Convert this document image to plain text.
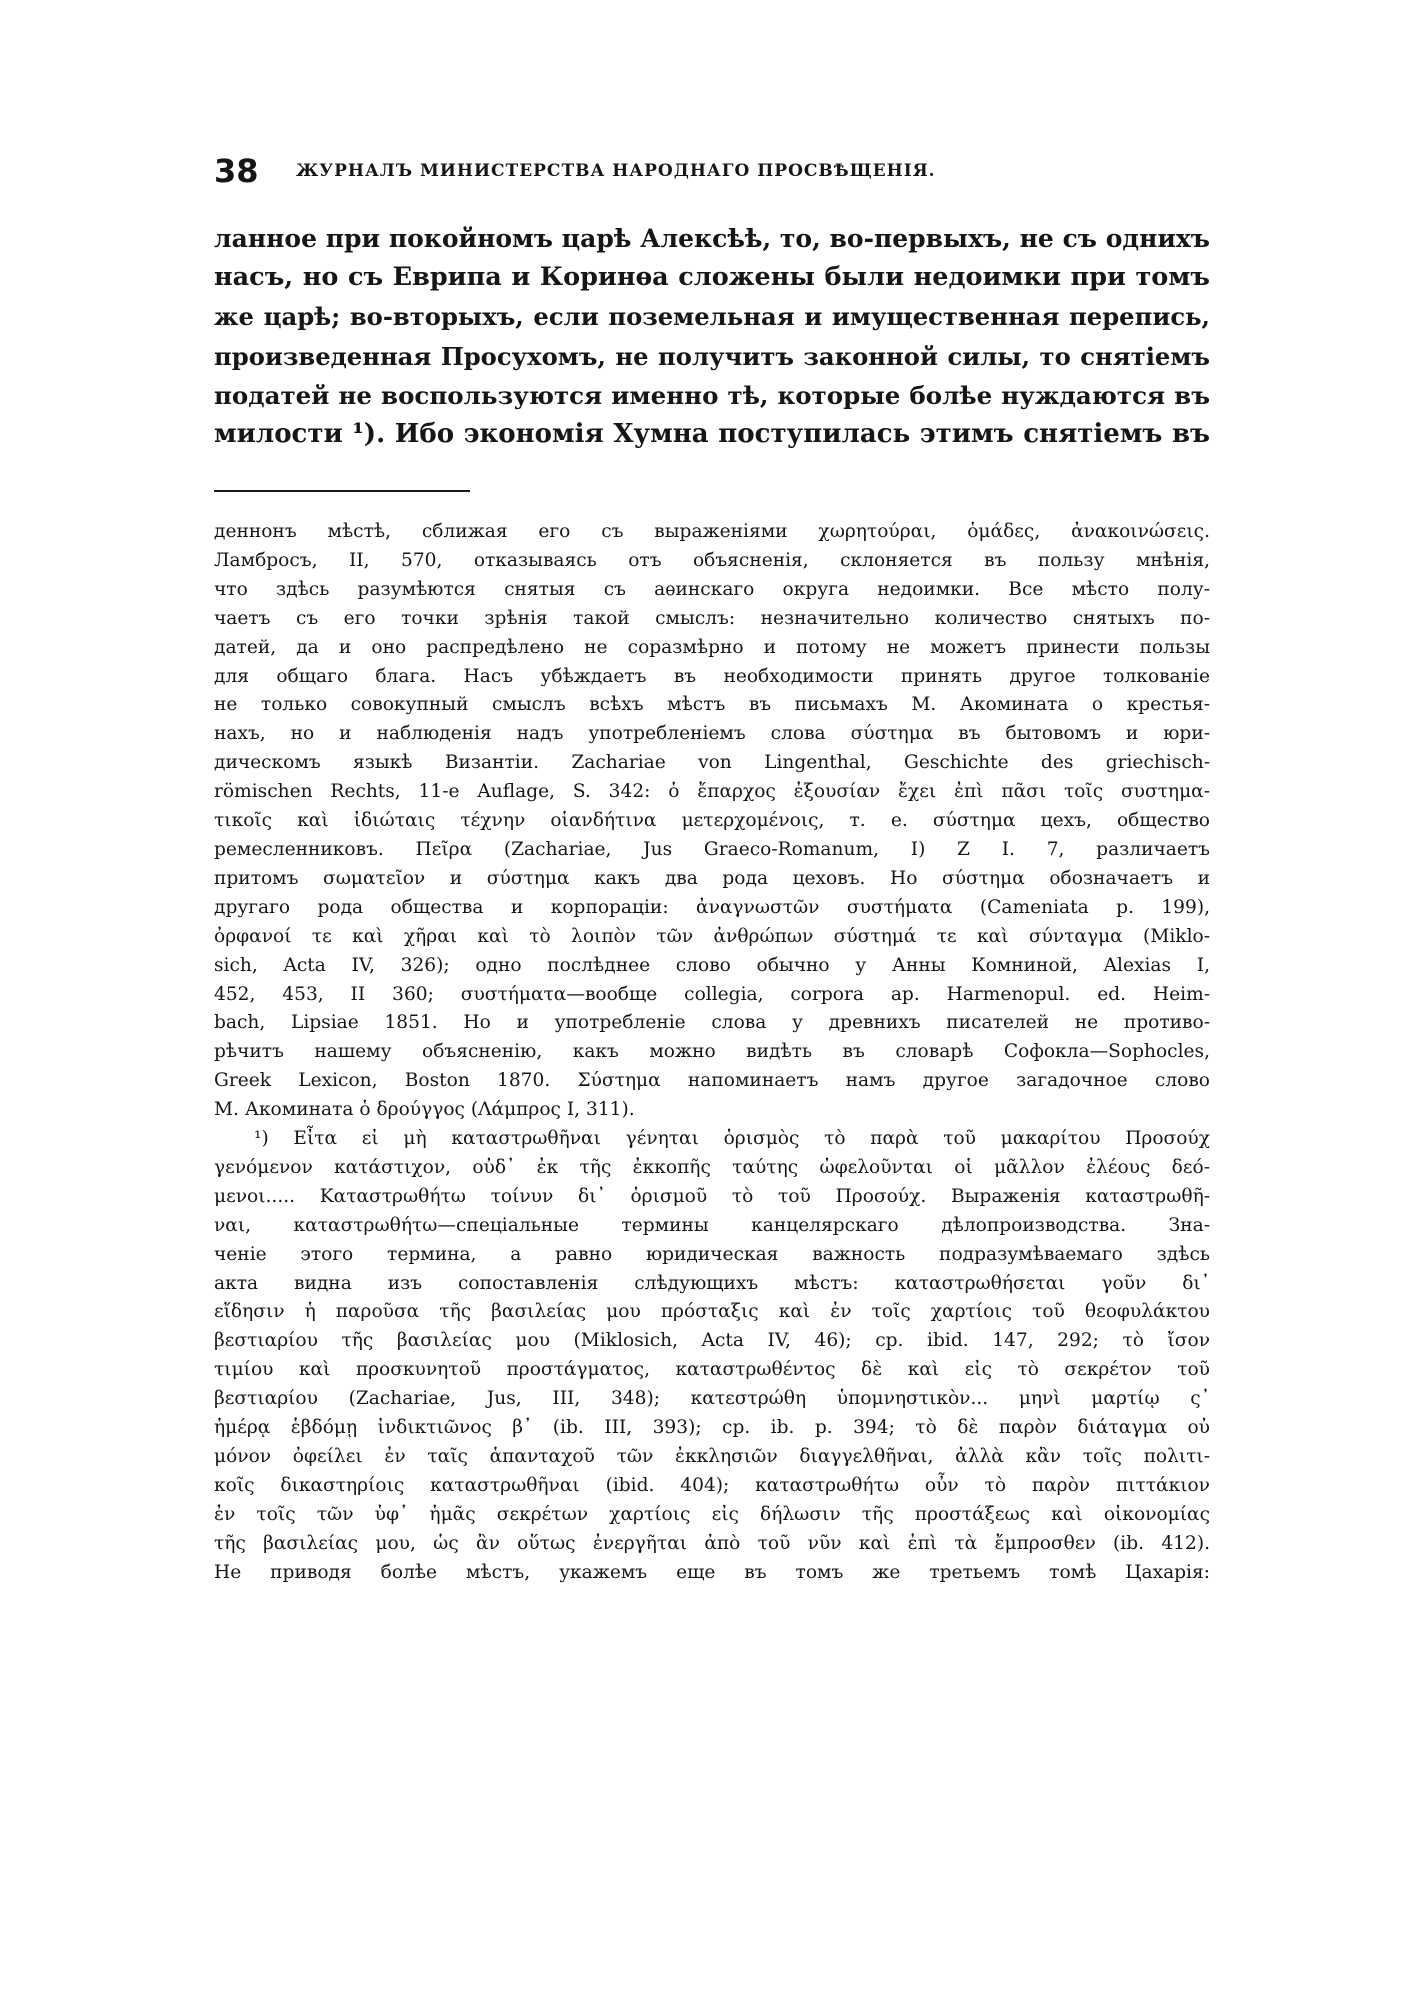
38 ЖУРНАЛЪ МИНИСТЕРСТВА НАРОДНАГО ПРОСВѢЩЕНІЯ.
ланное при покойномъ царѣ Алексѣѣ, то, во-первыхъ, не съ однихъ
насъ, но съ Еврипа и Коринѳа сложены были недоимки при томъ
же царѣ; во-вторыхъ, если поземельная и имущественная перепись,
произведенная Просухомъ, не получитъ законной силы, то снятіемъ
податей не воспользуются именно тѣ, которые болѣе нуждаются въ
милости ¹). Ибо экономія Хумна поступилась этимъ снятіемъ въ
деннонъ мѣстѣ, сближая его съ выраженіями χωρητούραι, ὁμάδες, ἀνακοινώσεις.
Ламбросъ, II, 570, отказываясь отъ объясненія, склоняется въ пользу мнѣнія,
что здѣсь разумѣются снятыя съ аѳинскаго округа недоимки. Все мѣсто полу-
чаетъ съ его точки зрѣнія такой смыслъ: незначительно количество снятыхъ по-
датей, да и оно распредѣлено не соразмѣрно и потому не можетъ принести пользы
для общаго блага. Насъ убѣждаетъ въ необходимости принять другое толкованіе
не только совокупный смыслъ всѣхъ мѣстъ въ письмахъ М. Акомината о крестья-
нахъ, но и наблюденія надъ употребленіемъ слова σύστημα въ бытовомъ и юри-
дическомъ языкѣ Византіи. Zachariae von Lingenthal, Geschichte des griechisch-
römischen Rechts, 11-e Auflage, S. 342: ὁ ἔπαρχος ἐξουσίαν ἔχει ἐπὶ πᾶσι τοῖς συστημα-
τικοῖς καὶ ἰδιώταις τέχνην οἱανδήτινα μετερχομένοις, т. е. σύστημα цехъ, общество
ремесленниковъ. Πεῖρα (Zachariae, Jus Graeco-Romanum, I) Ζ Ι. 7, различаетъ
притомъ σωματεῖον и σύστημα какъ два рода цеховъ. Но σύστημα обозначаетъ и
другаго рода общества и корпораціи: ἀναγνωστῶν συστήματα (Cameniata p. 199),
ὀρφανοί τε καὶ χῆραι καὶ τὸ λοιπὸν τῶν ἀνθρώπων σύστημά τε καὶ σύνταγμα (Miklo-
sich, Acta IV, 326); одно послѣднее слово обычно у Анны Комниной, Alexias I,
452, 453, II 360; συστήματα—вообще collegia, corpora ap. Harmenopul. ed. Heim-
bach, Lipsiae 1851. Но и употребленіе слова у древнихъ писателей не противо-
рѣчитъ нашему объясненію, какъ можно видѣть въ словарѣ Софокла—Sophocles,
Greek Lexicon, Boston 1870. Σύστημα напоминаетъ намъ другое загадочное слово
М. Акомината ὁ δρούγγος (Λάμπρος I, 311).
¹) Εἶτα εἰ μὴ καταστρωθῆναι γένηται ὁρισμὸς τὸ παρὰ τοῦ μακαρίτου Προσούχ
γενόμενον κατάστιχον, οὐδ᾽ ἐκ τῆς ἐκκοπῆς ταύτης ὠφελοῦνται οἱ μᾶλλον ἐλέους δεό-
μενοι..... Καταστρωθήτω τοίνυν δι᾽ ὁρισμοῦ τὸ τοῦ Προσούχ. Выраженія καταστρωθῆ-
ναι, καταστρωθήτω—спеціальные термины канцелярскаго дѣлопроизводства. Зна-
ченіе этого термина, а равно юридическая важность подразумѣваемаго здѣсь
акта видна изъ сопоставленія слѣдующихъ мѣстъ: καταστρωθήσεται γοῦν δι᾽
εἴδησιν ἡ παροῦσα τῆς βασιλείας μου πρόσταξις καὶ ἐν τοῖς χαρτίοις τοῦ θεοφυλάκτου
βεστιαρίου τῆς βασιλείας μου (Miklosich, Acta IV, 46); cp. ibid. 147, 292; τὸ ἴσον
τιμίου καὶ προσκυνητοῦ προστάγματος, καταστρωθέντος δὲ καὶ εἰς τὸ σεκρέτον τοῦ
βεστιαρίου (Zachariae, Jus, III, 348); κατεστρώθη ὑπομνηστικὸν... μηνὶ μαρτίῳ ς᾽
ἡμέρᾳ ἑβδόμῃ ἰνδικτιῶνος β᾽ (ib. III, 393); cp. ib. p. 394; τὸ δὲ παρὸν διάταγμα οὐ
μόνον ὀφείλει ἐν ταῖς ἁπανταχοῦ τῶν ἐκκλησιῶν διαγγελθῆναι, ἀλλὰ κἂν τοῖς πολιτι-
κοῖς δικαστηρίοις καταστρωθῆναι (ibid. 404); καταστρωθήτω οὖν τὸ παρὸν πιττάκιον
ἐν τοῖς τῶν ὑφ᾽ ἡμᾶς σεκρέτων χαρτίοις εἰς δήλωσιν τῆς προστάξεως καὶ οἰκονομίας
τῆς βασιλείας μου, ὡς ἂν οὕτως ἐνεργῆται ἀπὸ τοῦ νῦν καὶ ἐπὶ τὰ ἔμπροσθεν (ib. 412).
Не приводя болѣе мѣстъ, укажемъ еще въ томъ же третьемъ томѣ Цахарія:
